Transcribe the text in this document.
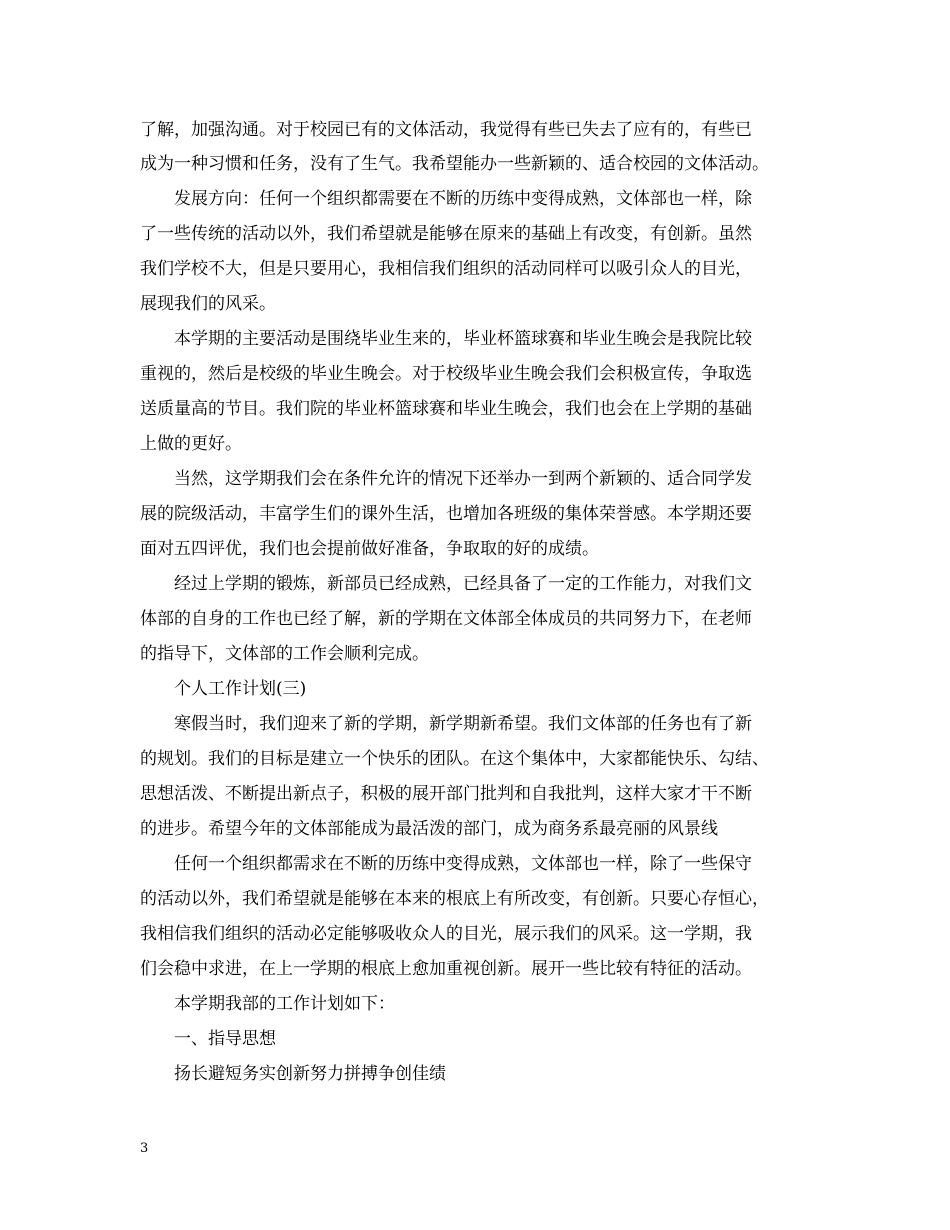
了解，加强沟通。对于校园已有的文体活动，我觉得有些已失去了应有的，有些已
成为一种习惯和任务，没有了生气。我希望能办一些新颖的、适合校园的文体活动。
　　发展方向：任何一个组织都需要在不断的历练中变得成熟，文体部也一样，除
了一些传统的活动以外，我们希望就是能够在原来的基础上有改变，有创新。虽然
我们学校不大，但是只要用心，我相信我们组织的活动同样可以吸引众人的目光，
展现我们的风采。
　　本学期的主要活动是围绕毕业生来的，毕业杯篮球赛和毕业生晚会是我院比较
重视的，然后是校级的毕业生晚会。对于校级毕业生晚会我们会积极宣传，争取选
送质量高的节目。我们院的毕业杯篮球赛和毕业生晚会，我们也会在上学期的基础
上做的更好。
　　当然，这学期我们会在条件允许的情况下还举办一到两个新颖的、适合同学发
展的院级活动，丰富学生们的课外生活，也增加各班级的集体荣誉感。本学期还要
面对五四评优，我们也会提前做好准备，争取取的好的成绩。
　　经过上学期的锻炼，新部员已经成熟，已经具备了一定的工作能力，对我们文
体部的自身的工作也已经了解，新的学期在文体部全体成员的共同努力下，在老师
的指导下，文体部的工作会顺利完成。
　　个人工作计划(三)
　　寒假当时，我们迎来了新的学期，新学期新希望。我们文体部的任务也有了新
的规划。我们的目标是建立一个快乐的团队。在这个集体中，大家都能快乐、勾结、
思想活泼、不断提出新点子，积极的展开部门批判和自我批判，这样大家才干不断
的进步。希望今年的文体部能成为最活泼的部门，成为商务系最亮丽的风景线
　　任何一个组织都需求在不断的历练中变得成熟，文体部也一样，除了一些保守
的活动以外，我们希望就是能够在本来的根底上有所改变，有创新。只要心存恒心，
我相信我们组织的活动必定能够吸收众人的目光，展示我们的风采。这一学期，我
们会稳中求进，在上一学期的根底上愈加重视创新。展开一些比较有特征的活动。
　　本学期我部的工作计划如下：
　　一、指导思想
　　扬长避短务实创新努力拼搏争创佳绩
3
